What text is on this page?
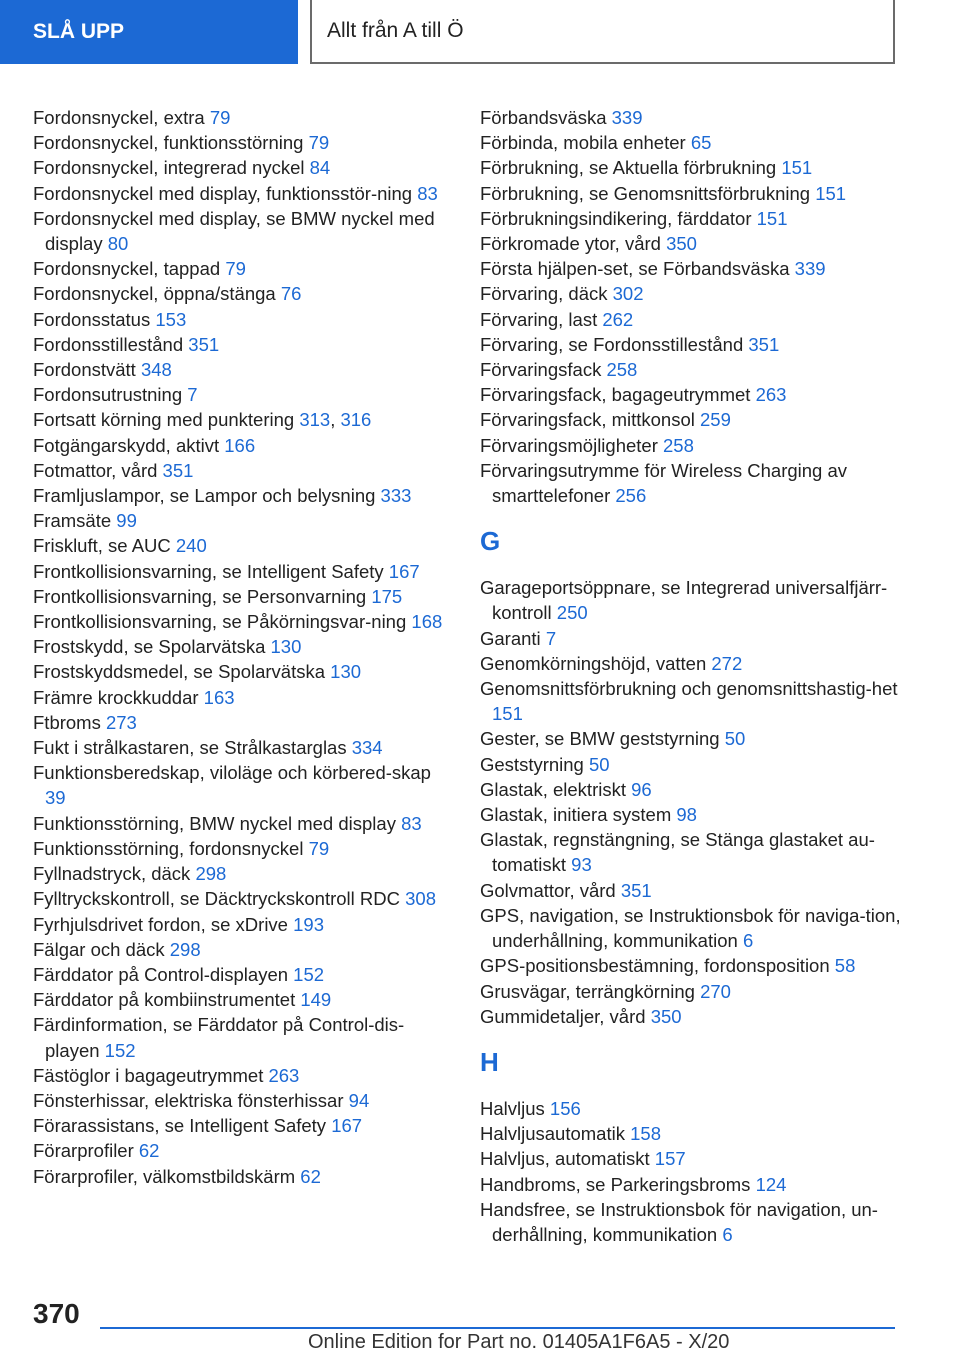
SLÅ UPP	Allt från A till Ö

Fordonsnyckel, extra 79

Fordonsnyckel, funktionsstörning 79

Fordonsnyckel, integrerad nyckel 84

Fordonsnyckel med display, funktionsstör-ning 83

Fordonsnyckel med display, se BMW nyckel med display 80

Fordonsnyckel, tappad 79

Fordonsnyckel, öppna/stänga 76

Fordonsstatus 153

Fordonsstillestånd 351

Fordonstvätt 348

Fordonsutrustning 7

Fortsatt körning med punktering 313, 316

Fotgängarskydd, aktivt 166

Fotmattor, vård 351

Framljuslampor, se Lampor och belysning 333

Framsäte 99

Friskluft, se AUC 240

Frontkollisionsvarning, se Intelligent Safety 167

Frontkollisionsvarning, se Personvarning 175

Frontkollisionsvarning, se Påkörningsvar-ning 168

Frostskydd, se Spolarvätska 130

Frostskyddsmedel, se Spolarvätska 130

Främre krockkuddar 163

Ftbroms 273

Fukt i strålkastaren, se Strålkastarglas 334

Funktionsberedskap, viloläge och körbered-skap 39

Funktionsstörning, BMW nyckel med display 83

Funktionsstörning, fordonsnyckel 79

Fyllnadstryck, däck 298

Fylltryckskontroll, se Däcktryckskontroll RDC 308

Fyrhjulsdrivet fordon, se xDrive 193

Fälgar och däck 298

Färddator på Control-displayen 152

Färddator på kombiinstrumentet 149

Färdinformation, se Färddator på Control-dis-playen 152

Fästöglor i bagageutrymmet 263

Fönsterhissar, elektriska fönsterhissar 94

Förarassistans, se Intelligent Safety 167

Förarprofiler 62

Förarprofiler, välkomstbildskärm 62

Förbandsväska 339

Förbinda, mobila enheter 65

Förbrukning, se Aktuella förbrukning 151

Förbrukning, se Genomsnittsförbrukning 151

Förbrukningsindikering, färddator 151

Förkromade ytor, vård 350

Första hjälpen-set, se Förbandsväska 339

Förvaring, däck 302

Förvaring, last 262

Förvaring, se Fordonsstillestånd 351

Förvaringsfack 258

Förvaringsfack, bagageutrymmet 263

Förvaringsfack, mittkonsol 259

Förvaringsmöjligheter 258

Förvaringsutrymme för Wireless Charging av smarttelefoner 256

G

Garageportsöppnare, se Integrerad universalfjärr-kontroll 250

Garanti 7

Genomkörningshöjd, vatten 272

Genomsnittsförbrukning och genomsnittshastig-het 151

Gester, se BMW geststyrning 50

Geststyrning 50

Glastak, elektriskt 96

Glastak, initiera system 98

Glastak, regnstängning, se Stänga glastaket au-tomatiskt 93

Golvmattor, vård 351

GPS, navigation, se Instruktionsbok för naviga-tion, underhållning, kommunikation 6

GPS-positionsbestämning, fordonsposition 58

Grusvägar, terrängkörning 270

Gummidetaljer, vård 350

H

Halvljus 156

Halvljusautomatik 158

Halvljus, automatiskt 157

Handbroms, se Parkeringsbroms 124

Handsfree, se Instruktionsbok för navigation, un-derhållning, kommunikation 6

370
Online Edition for Part no. 01405A1F6A5 - X/20
